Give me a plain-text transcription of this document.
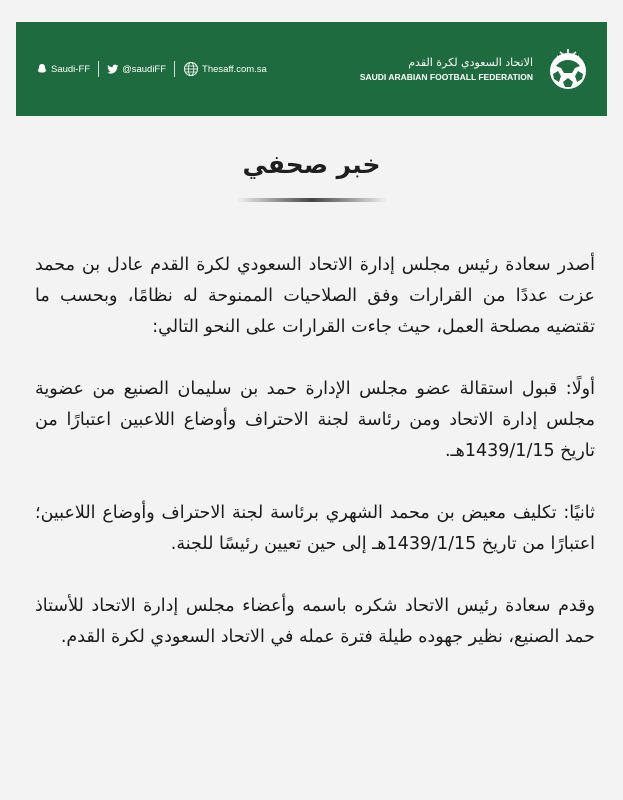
Saudi-FF	@saudiFF	Thesaff.com.sa	الاتحاد السعودي لكرة القدم
SAUDI ARABIAN FOOTBALL FEDERATION
خبر صحفي

أصدر سعادة رئيس مجلس إدارة الاتحاد السعودي لكرة القدم عادل بن محمد عزت عددًا من القرارات وفق الصلاحيات الممنوحة له نظامًا، وبحسب ما تقتضيه مصلحة العمل، حيث جاءت القرارات على النحو التالي:

أولًا: قبول استقالة عضو مجلس الإدارة حمد بن سليمان الصنيع من عضوية مجلس إدارة الاتحاد ومن رئاسة لجنة الاحتراف وأوضاع اللاعبين اعتبارًا من تاريخ 1439/1/15هـ.

ثانيًا: تكليف معيض بن محمد الشهري برئاسة لجنة الاحتراف وأوضاع اللاعبين؛ اعتبارًا من تاريخ 1439/1/15هـ إلى حين تعيين رئيسًا للجنة.

وقدم سعادة رئيس الاتحاد شكره باسمه وأعضاء مجلس إدارة الاتحاد للأستاذ حمد الصنيع، نظير جهوده طيلة فترة عمله في الاتحاد السعودي لكرة القدم.
